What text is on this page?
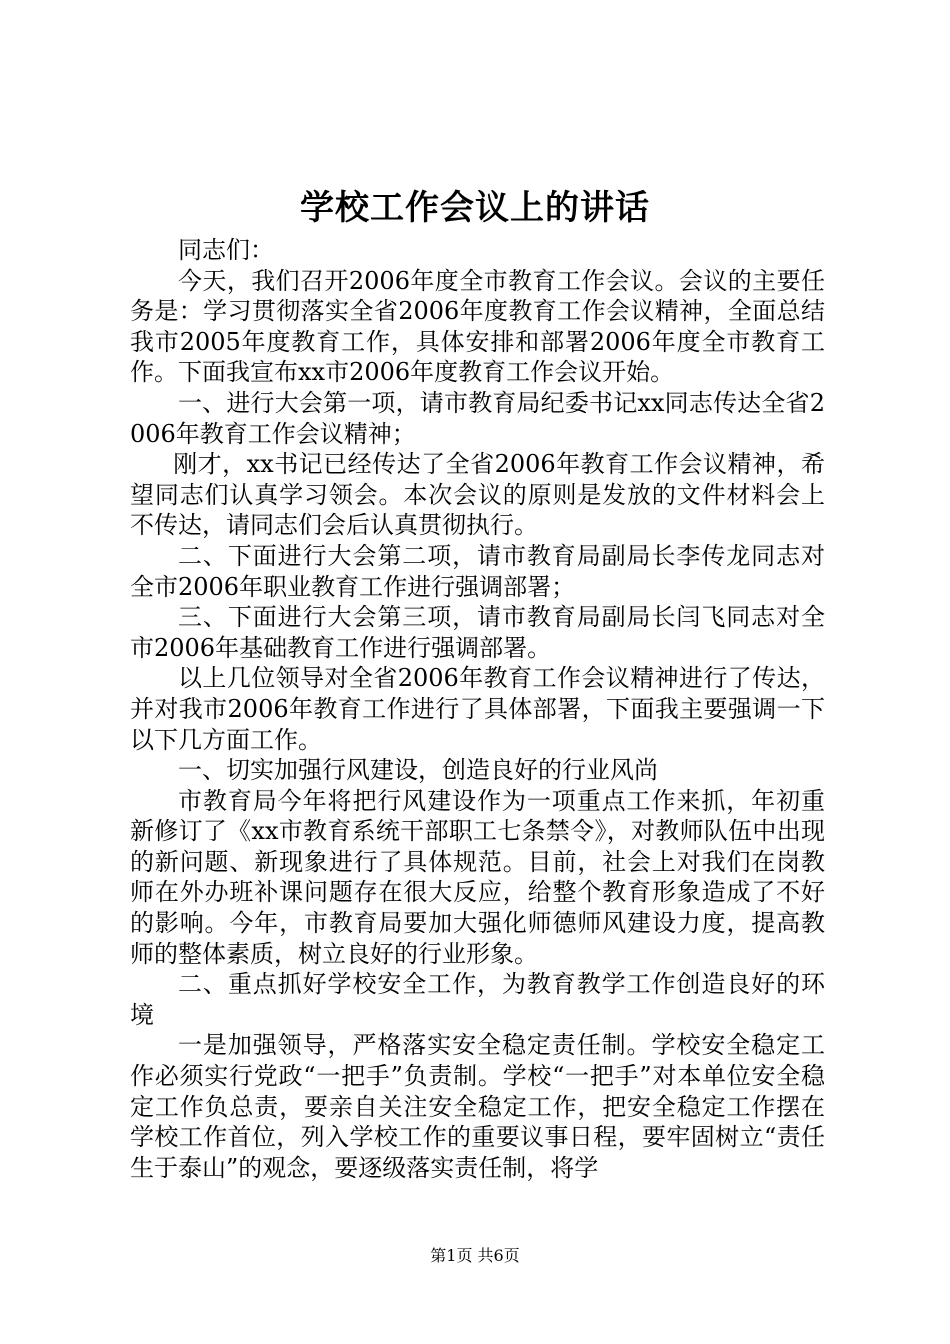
学校工作会议上的讲话

同志们：

今天，我们召开2006年度全市教育工作会议。会议的主要任务是：学习贯彻落实全省2006年度教育工作会议精神，全面总结我市2005年度教育工作，具体安排和部署2006年度全市教育工作。下面我宣布xx市2006年度教育工作会议开始。

一、进行大会第一项，请市教育局纪委书记xx同志传达全省2006年教育工作会议精神；

刚才，xx书记已经传达了全省2006年教育工作会议精神，希望同志们认真学习领会。本次会议的原则是发放的文件材料会上不传达，请同志们会后认真贯彻执行。

二、下面进行大会第二项，请市教育局副局长李传龙同志对全市2006年职业教育工作进行强调部署；

三、下面进行大会第三项，请市教育局副局长闫飞同志对全市2006年基础教育工作进行强调部署。

以上几位领导对全省2006年教育工作会议精神进行了传达，并对我市2006年教育工作进行了具体部署，下面我主要强调一下以下几方面工作。

一、切实加强行风建设，创造良好的行业风尚

市教育局今年将把行风建设作为一项重点工作来抓，年初重新修订了《xx市教育系统干部职工七条禁令》，对教师队伍中出现的新问题、新现象进行了具体规范。目前，社会上对我们在岗教师在外办班补课问题存在很大反应，给整个教育形象造成了不好的影响。今年，市教育局要加大强化师德师风建设力度，提高教师的整体素质，树立良好的行业形象。

二、重点抓好学校安全工作，为教育教学工作创造良好的环境

一是加强领导，严格落实安全稳定责任制。学校安全稳定工作必须实行党政“一把手”负责制。学校“一把手”对本单位安全稳定工作负总责，要亲自关注安全稳定工作，把安全稳定工作摆在学校工作首位，列入学校工作的重要议事日程，要牢固树立“责任生于泰山”的观念，要逐级落实责任制，将学

第1页 共6页
